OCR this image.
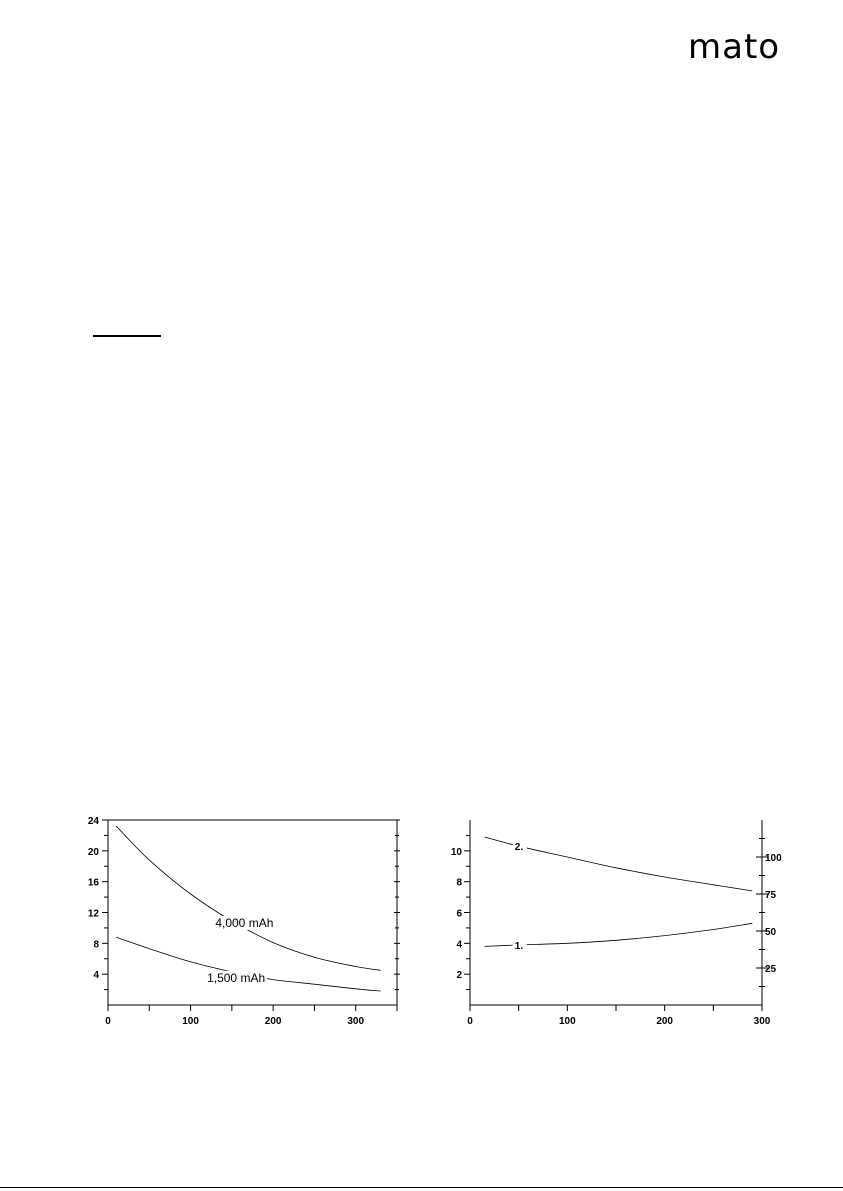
mato
4
8
12
16
20
24
0	100	200	300
4,000 mAh
1,500 mAh	2
4
6
8
10
25
50
75
100
0	100	200	300
2.
1.
